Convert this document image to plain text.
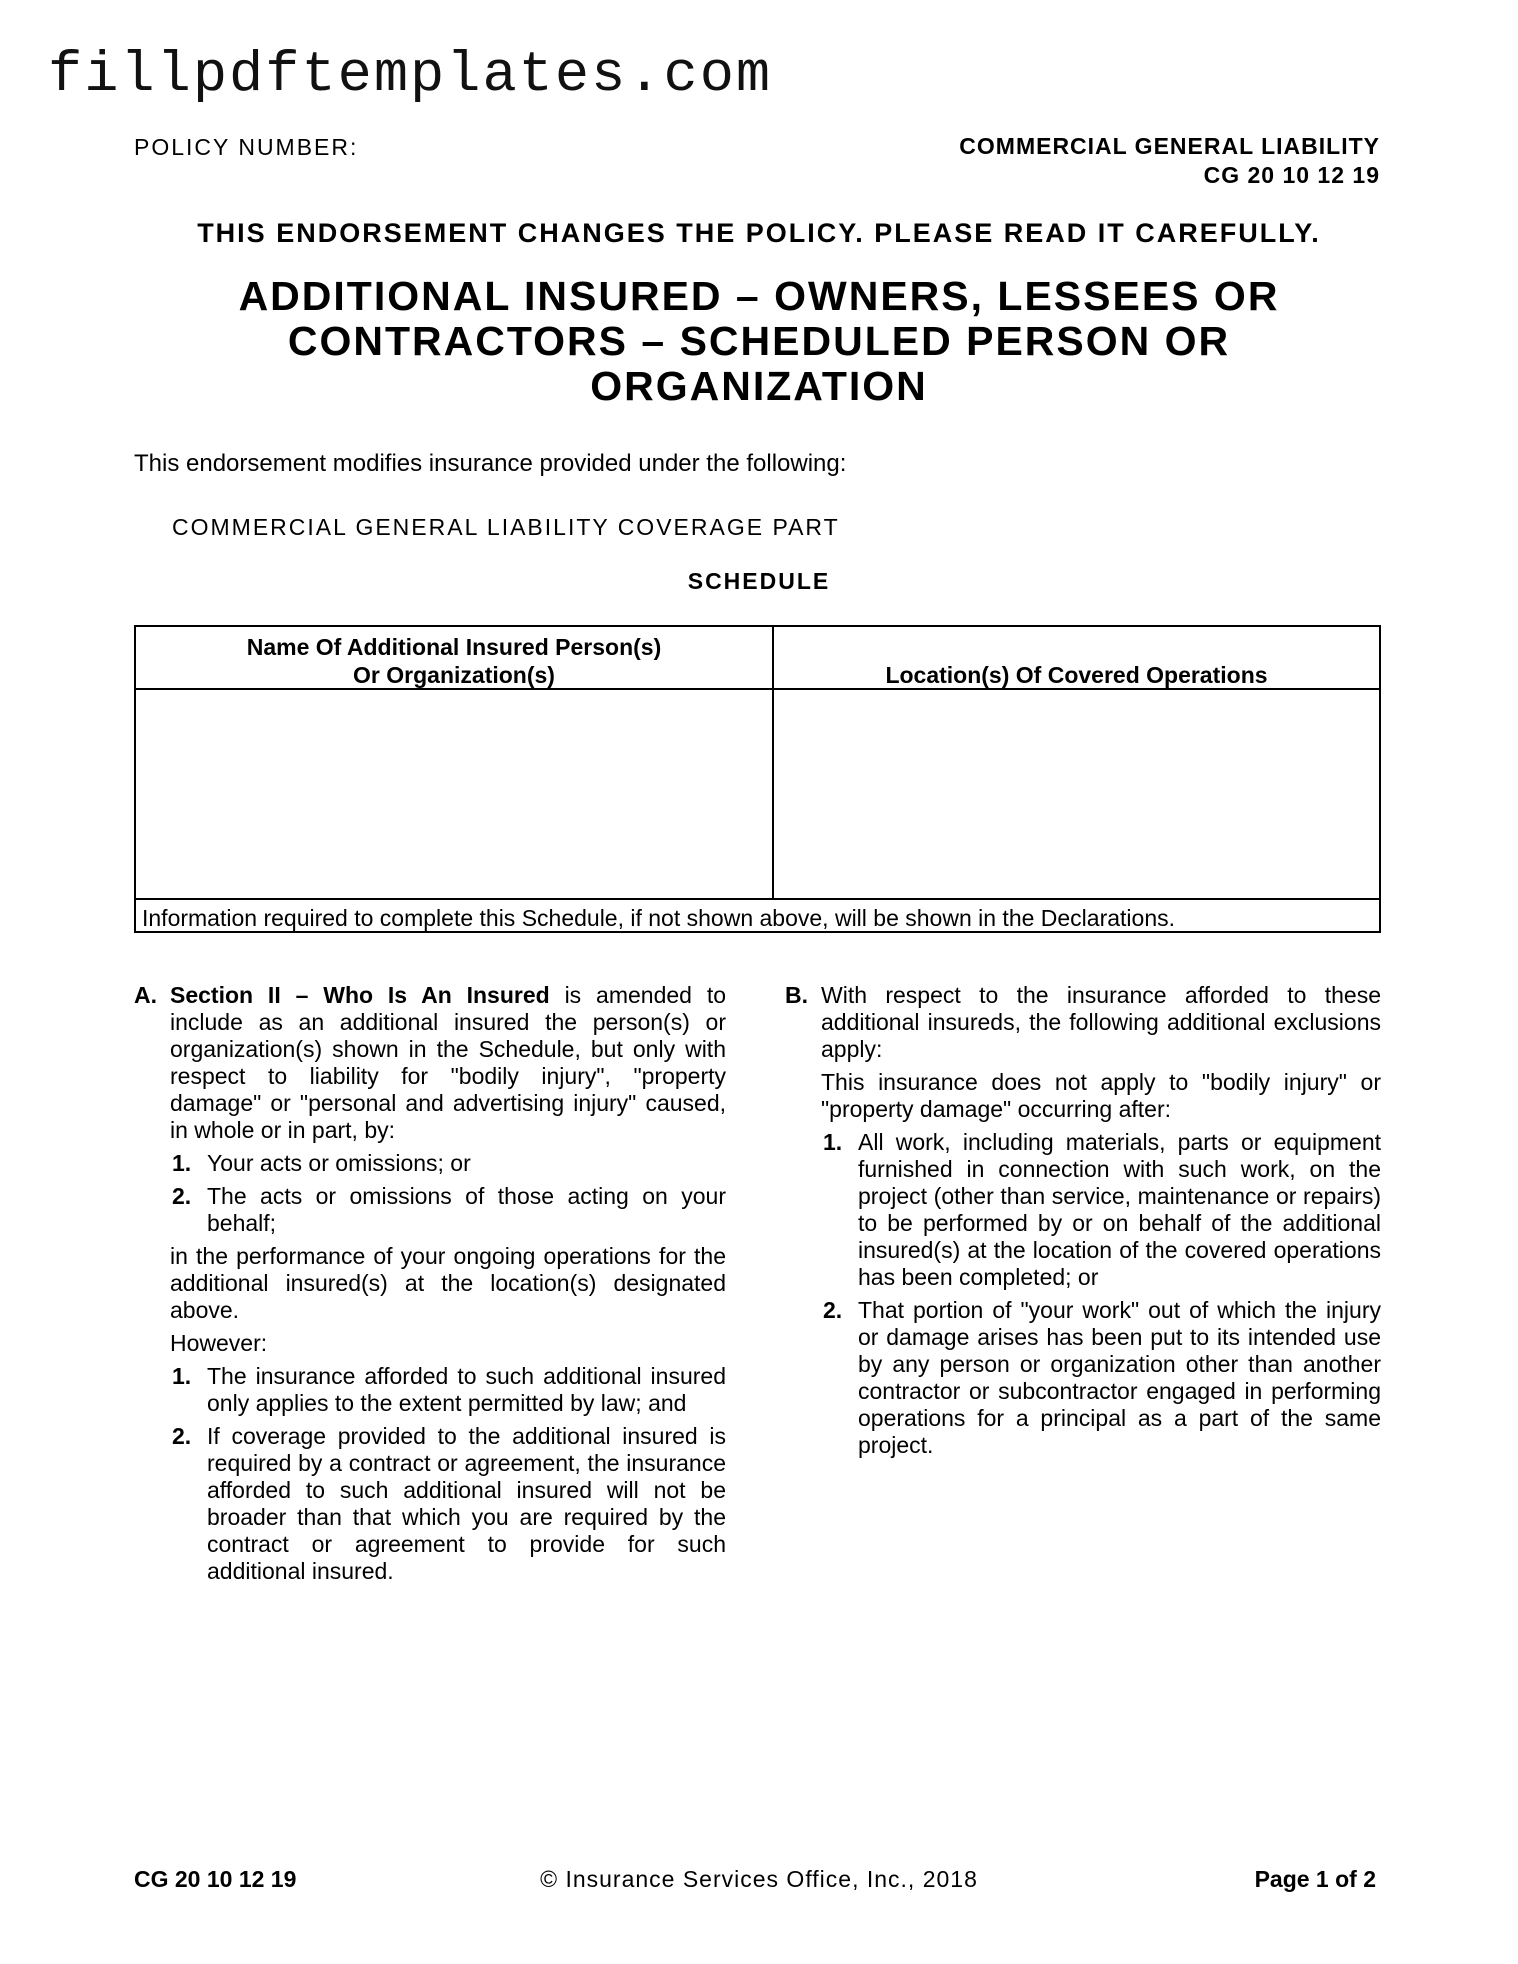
fillpdftemplates.com
POLICY NUMBER:	COMMERCIAL GENERAL LIABILITY
CG 20 10 12 19
THIS ENDORSEMENT CHANGES THE POLICY. PLEASE READ IT CAREFULLY.
ADDITIONAL INSURED – OWNERS, LESSEES OR
CONTRACTORS – SCHEDULED PERSON OR
ORGANIZATION
This endorsement modifies insurance provided under the following:
COMMERCIAL GENERAL LIABILITY COVERAGE PART
SCHEDULE
Name Of Additional Insured Person(s)
Or Organization(s)	Location(s) Of Covered Operations
Information required to complete this Schedule, if not shown above, will be shown in the Declarations.
A. Section II – Who Is An Insured is amended to include as an additional insured the person(s) or organization(s) shown in the Schedule, but only with respect to liability for "bodily injury", "property damage" or "personal and advertising injury" caused, in whole or in part, by:
1. Your acts or omissions; or
2. The acts or omissions of those acting on your behalf;
in the performance of your ongoing operations for the additional insured(s) at the location(s) designated above.
However:
1. The insurance afforded to such additional insured only applies to the extent permitted by law; and
2. If coverage provided to the additional insured is required by a contract or agreement, the insurance afforded to such additional insured will not be broader than that which you are required by the contract or agreement to provide for such additional insured.
B. With respect to the insurance afforded to these additional insureds, the following additional exclusions apply:
This insurance does not apply to "bodily injury" or "property damage" occurring after:
1. All work, including materials, parts or equipment furnished in connection with such work, on the project (other than service, maintenance or repairs) to be performed by or on behalf of the additional insured(s) at the location of the covered operations has been completed; or
2. That portion of "your work" out of which the injury or damage arises has been put to its intended use by any person or organization other than another contractor or subcontractor engaged in performing operations for a principal as a part of the same project.
CG 20 10 12 19	© Insurance Services Office, Inc., 2018	Page 1 of 2
